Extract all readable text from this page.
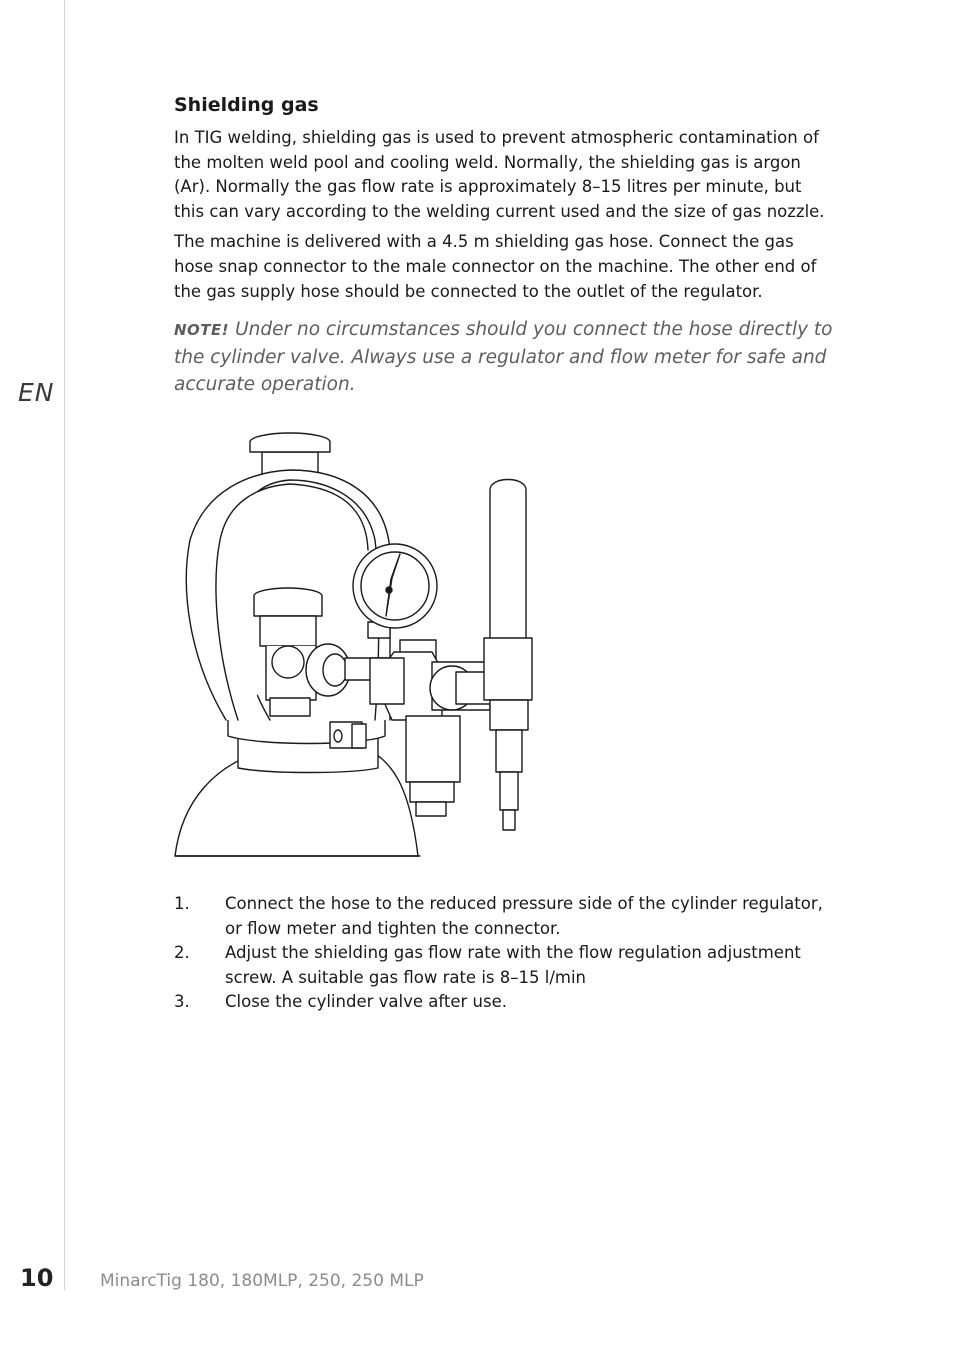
EN
Shielding gas

In TIG welding, shielding gas is used to prevent atmospheric contamination of the molten weld pool and cooling weld. Normally, the shielding gas is argon (Ar). Normally the gas flow rate is approximately 8–15 litres per minute, but this can vary according to the welding current used and the size of gas nozzle.

The machine is delivered with a 4.5 m shielding gas hose. Connect the gas hose snap connector to the male connector on the machine. The other end of the gas supply hose should be connected to the outlet of the regulator.

NOTE! Under no circumstances should you connect the hose directly to the cylinder valve. Always use a regulator and flow meter for safe and accurate operation.

1.	Connect the hose to the reduced pressure side of the cylinder regulator, or flow meter and tighten the connector.
2.	Adjust the shielding gas flow rate with the flow regulation adjustment screw. A suitable gas flow rate is 8–15 l/min
3.	Close the cylinder valve after use.
10	MinarcTig 180, 180MLP, 250, 250 MLP
